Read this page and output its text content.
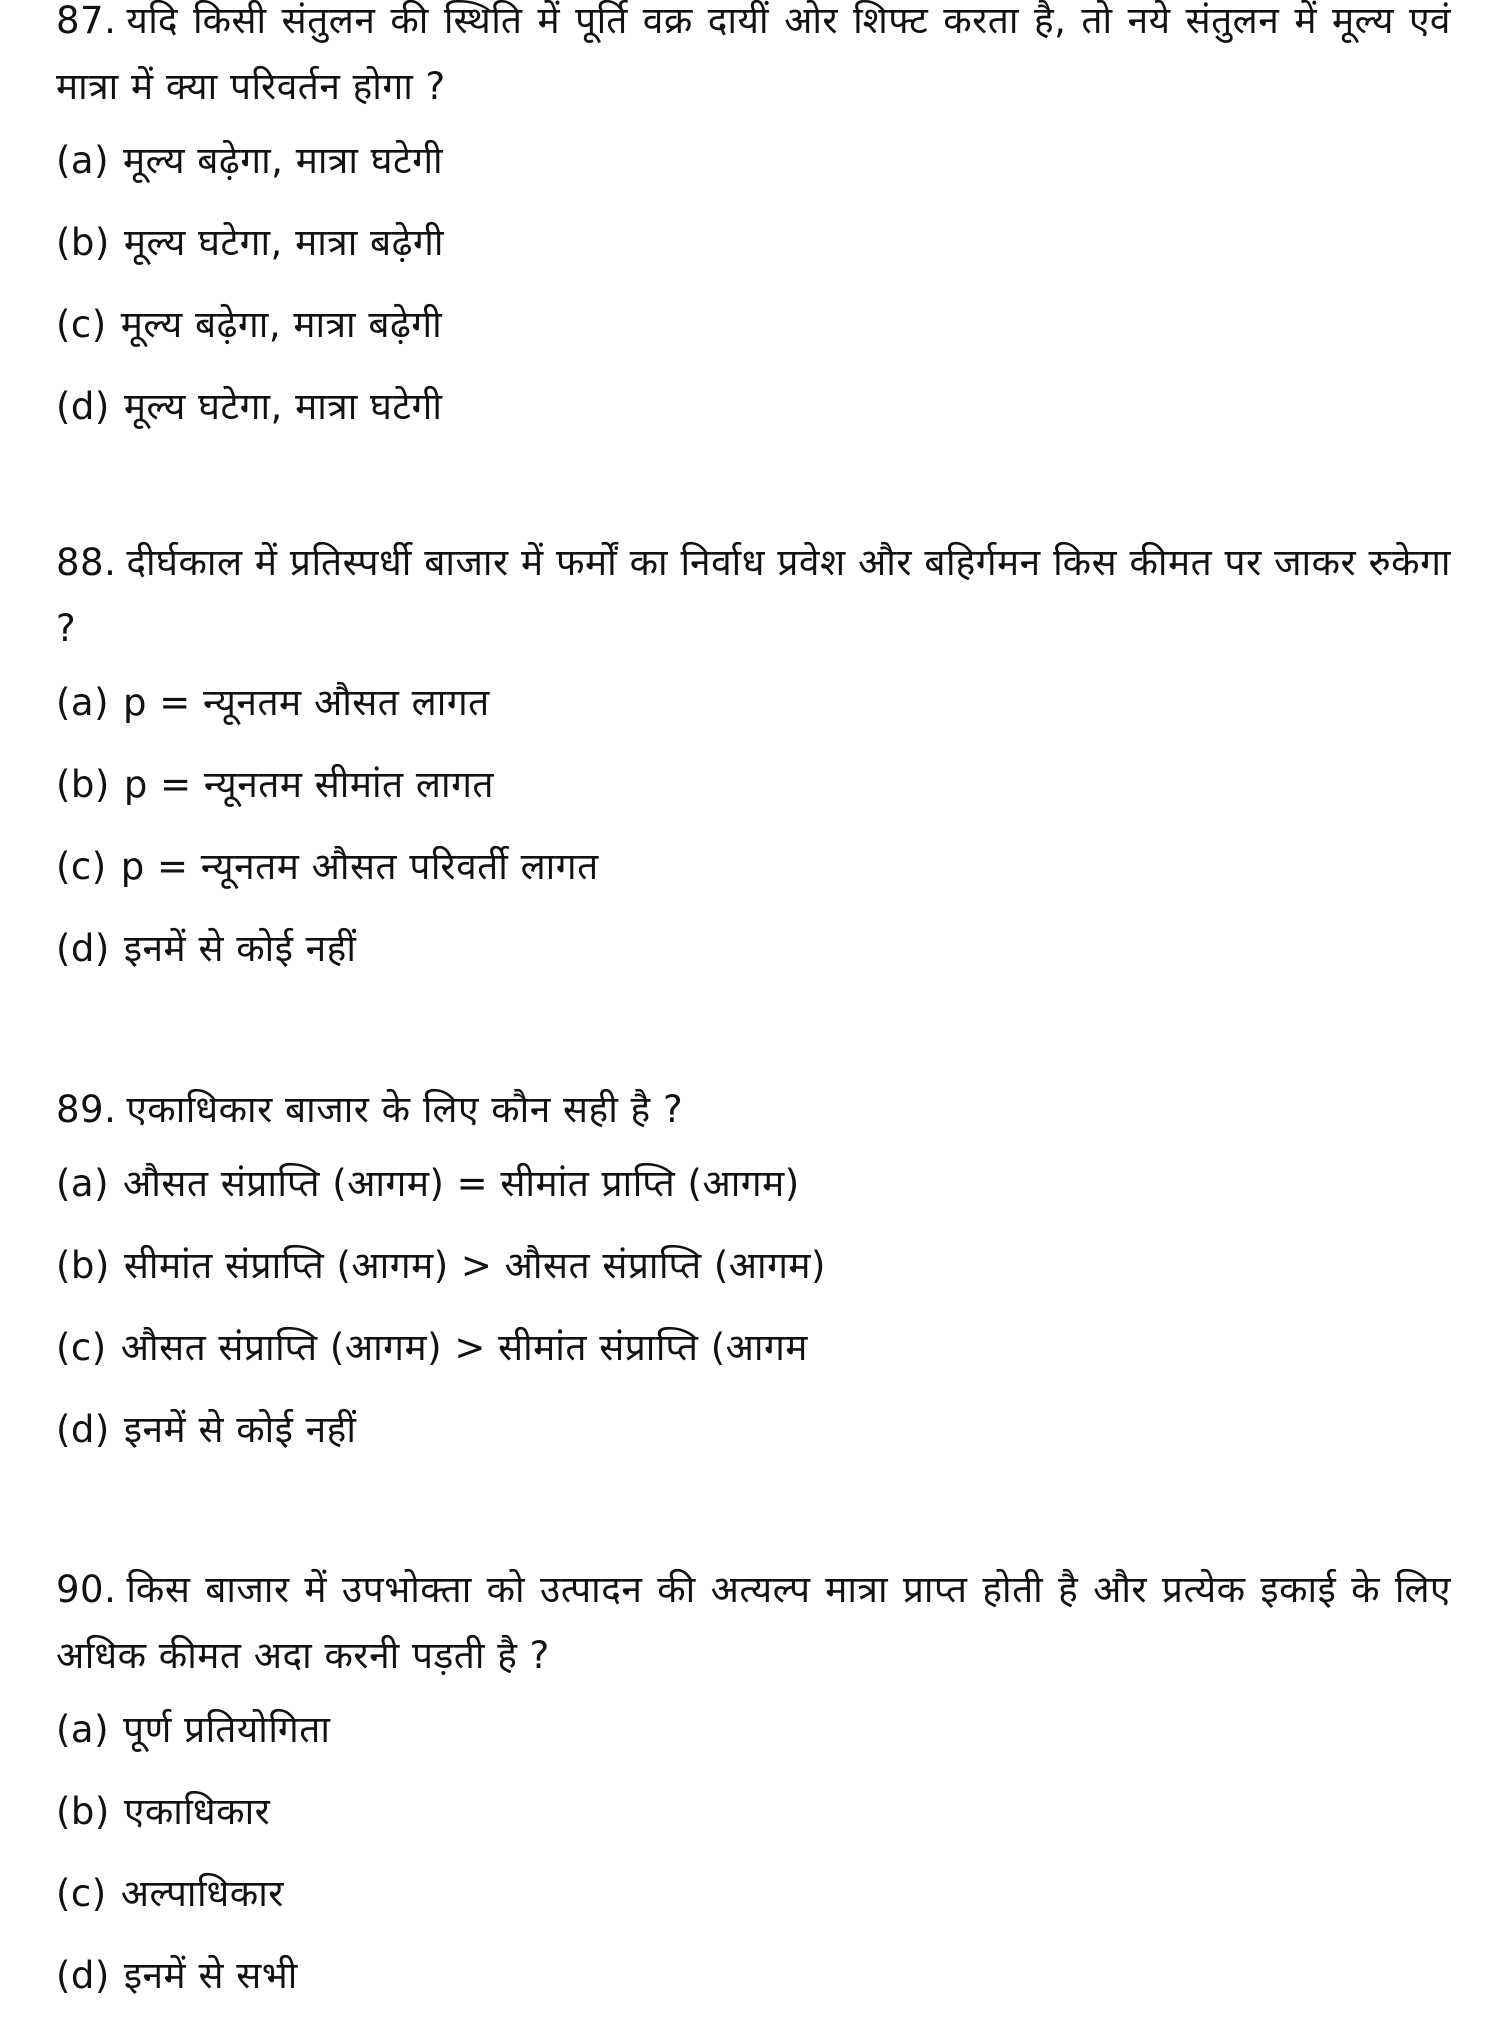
87. यदि किसी संतुलन की स्थिति में पूर्ति वक्र दायीं ओर शिफ्ट करता है, तो नये संतुलन में मूल्य एवं मात्रा में क्या परिवर्तन होगा ?

(a) मूल्य बढ़ेगा, मात्रा घटेगी
(b) मूल्य घटेगा, मात्रा बढ़ेगी
(c) मूल्य बढ़ेगा, मात्रा बढ़ेगी
(d) मूल्य घटेगा, मात्रा घटेगी

88. दीर्घकाल में प्रतिस्पर्धी बाजार में फर्मों का निर्वाध प्रवेश और बहिर्गमन किस कीमत पर जाकर रुकेगा ?

(a) p = न्यूनतम औसत लागत
(b) p = न्यूनतम सीमांत लागत
(c) p = न्यूनतम औसत परिवर्ती लागत
(d) इनमें से कोई नहीं

89. एकाधिकार बाजार के लिए कौन सही है ?

(a) औसत संप्राप्ति (आगम) = सीमांत प्राप्ति (आगम)
(b) सीमांत संप्राप्ति (आगम) > औसत संप्राप्ति (आगम)
(c) औसत संप्राप्ति (आगम) > सीमांत संप्राप्ति (आगम
(d) इनमें से कोई नहीं

90. किस बाजार में उपभोक्ता को उत्पादन की अत्यल्प मात्रा प्राप्त होती है और प्रत्येक इकाई के लिए अधिक कीमत अदा करनी पड़ती है ?

(a) पूर्ण प्रतियोगिता
(b) एकाधिकार
(c) अल्पाधिकार
(d) इनमें से सभी
